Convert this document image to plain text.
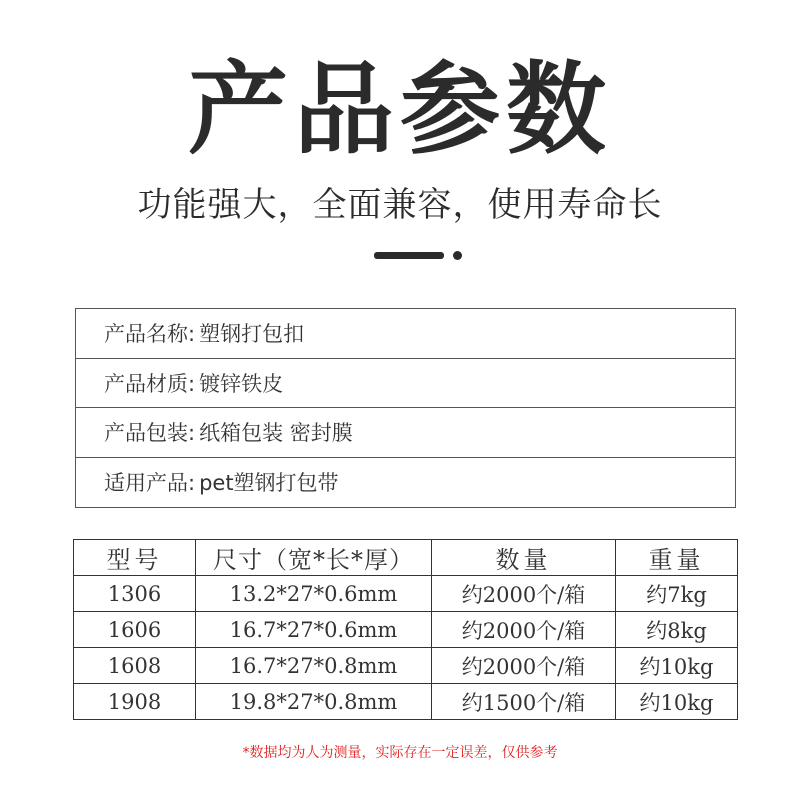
产品参数
功能强大，全面兼容，使用寿命长
产品名称: 塑钢打包扣
产品材质: 镀锌铁皮
产品包装: 纸箱包装 密封膜
适用产品: pet塑钢打包带
型号	尺寸（宽*长*厚）	数量	重量
1306	13.2*27*0.6mm	约2000个/箱	约7kg
1606	16.7*27*0.6mm	约2000个/箱	约8kg
1608	16.7*27*0.8mm	约2000个/箱	约10kg
1908	19.8*27*0.8mm	约1500个/箱	约10kg
*数据均为人为测量，实际存在一定误差，仅供参考
